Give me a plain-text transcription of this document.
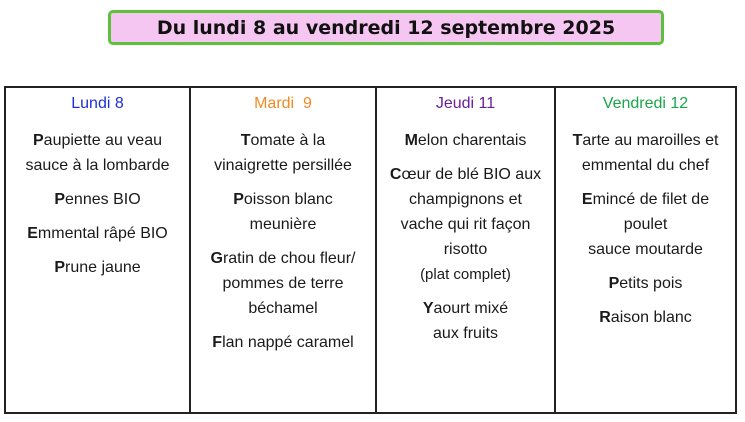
Du lundi 8 au vendredi 12 septembre 2025
Lundi 8
Paupiette au veau
sauce à la lombarde
Pennes BIO
Emmental râpé BIO
Prune jaune
Mardi  9
Tomate à la
vinaigrette persillée
Poisson blanc
meunière
Gratin de chou fleur/
pommes de terre
béchamel
Flan nappé caramel
Jeudi 11
Melon charentais
Cœur de blé BIO aux
champignons et
vache qui rit façon
risotto
(plat complet)
Yaourt mixé
aux fruits
Vendredi 12
Tarte au maroilles et
emmental du chef
Emincé de filet de
poulet
sauce moutarde
Petits pois
Raison blanc
